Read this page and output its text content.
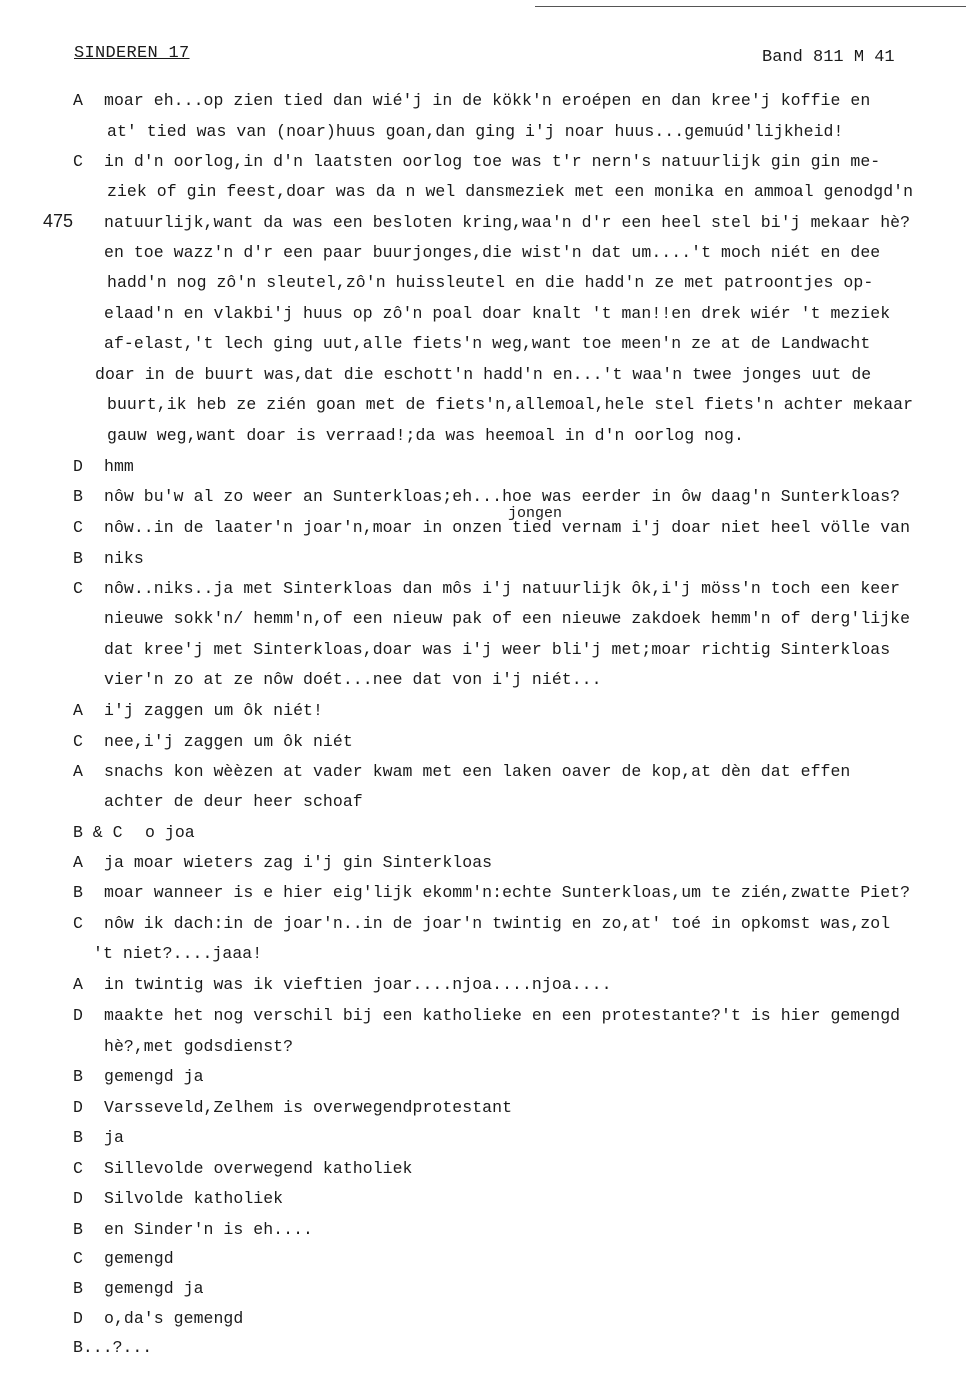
SINDEREN 17	Band 811 M 41
475
jongen
A moar eh...op zien tied dan wié'j in de kökk'n eroépen en dan kree'j koffie en
at' tied was van (noar)huus goan,dan ging i'j noar huus...gemuúd'lijkheid!
C in d'n oorlog,in d'n laatsten oorlog toe was t'r nern's natuurlijk gin gin me-
ziek of gin feest,doar was da n wel dansmeziek met een monika en ammoal genodgd'n
natuurlijk,want da was een besloten kring,waa'n d'r een heel stel bi'j mekaar hè?
en toe wazz'n d'r een paar buurjonges,die wist'n dat um....'t moch niét en dee
hadd'n nog zô'n sleutel,zô'n huissleutel en die hadd'n ze met patroontjes op-
elaad'n en vlakbi'j huus op zô'n poal doar knalt 't man!!en drek wiér 't meziek
af-elast,'t lech ging uut,alle fiets'n weg,want toe meen'n ze at de Landwacht
doar in de buurt was,dat die eschott'n hadd'n en...'t waa'n twee jonges uut de
buurt,ik heb ze zién goan met de fiets'n,allemoal,hele stel fiets'n achter mekaar
gauw weg,want doar is verraad!;da was heemoal in d'n oorlog nog.
D hmm
B nôw bu'w al zo weer an Sunterkloas;eh...hoe was eerder in ôw daag'n Sunterkloas?
C nôw..in de laater'n joar'n,moar in onzen tied vernam i'j doar niet heel völle van
B niks
C nôw..niks..ja met Sinterkloas dan môs i'j natuurlijk ôk,i'j möss'n toch een keer
nieuwe sokk'n/ hemm'n,of een nieuw pak of een nieuwe zakdoek hemm'n of derg'lijke
dat kree'j met Sinterkloas,doar was i'j weer bli'j met;moar richtig Sinterkloas
vier'n zo at ze nôw doét...nee dat von i'j niét...
A i'j zaggen um ôk niét!
C nee,i'j zaggen um ôk niét
A snachs kon wèèzen at vader kwam met een laken oaver de kop,at dèn dat effen
achter de deur heer schoaf
B & C o joa
A ja moar wieters zag i'j gin Sinterkloas
B moar wanneer is e hier eig'lijk ekomm'n:echte Sunterkloas,um te zién,zwatte Piet?
C nôw ik dach:in de joar'n..in de joar'n twintig en zo,at' toé in opkomst was,zol
't niet?....jaaa!
A in twintig was ik vieftien joar....njoa....njoa....
D maakte het nog verschil bij een katholieke en een protestante?'t is hier gemengd
hè?,met godsdienst?
B gemengd ja
D Varsseveld,Zelhem is overwegendprotestant
B ja
C Sillevolde overwegend katholiek
D Silvolde katholiek
B en Sinder'n is eh....
C gemengd
B gemengd ja
D o,da's gemengd
B...?...
